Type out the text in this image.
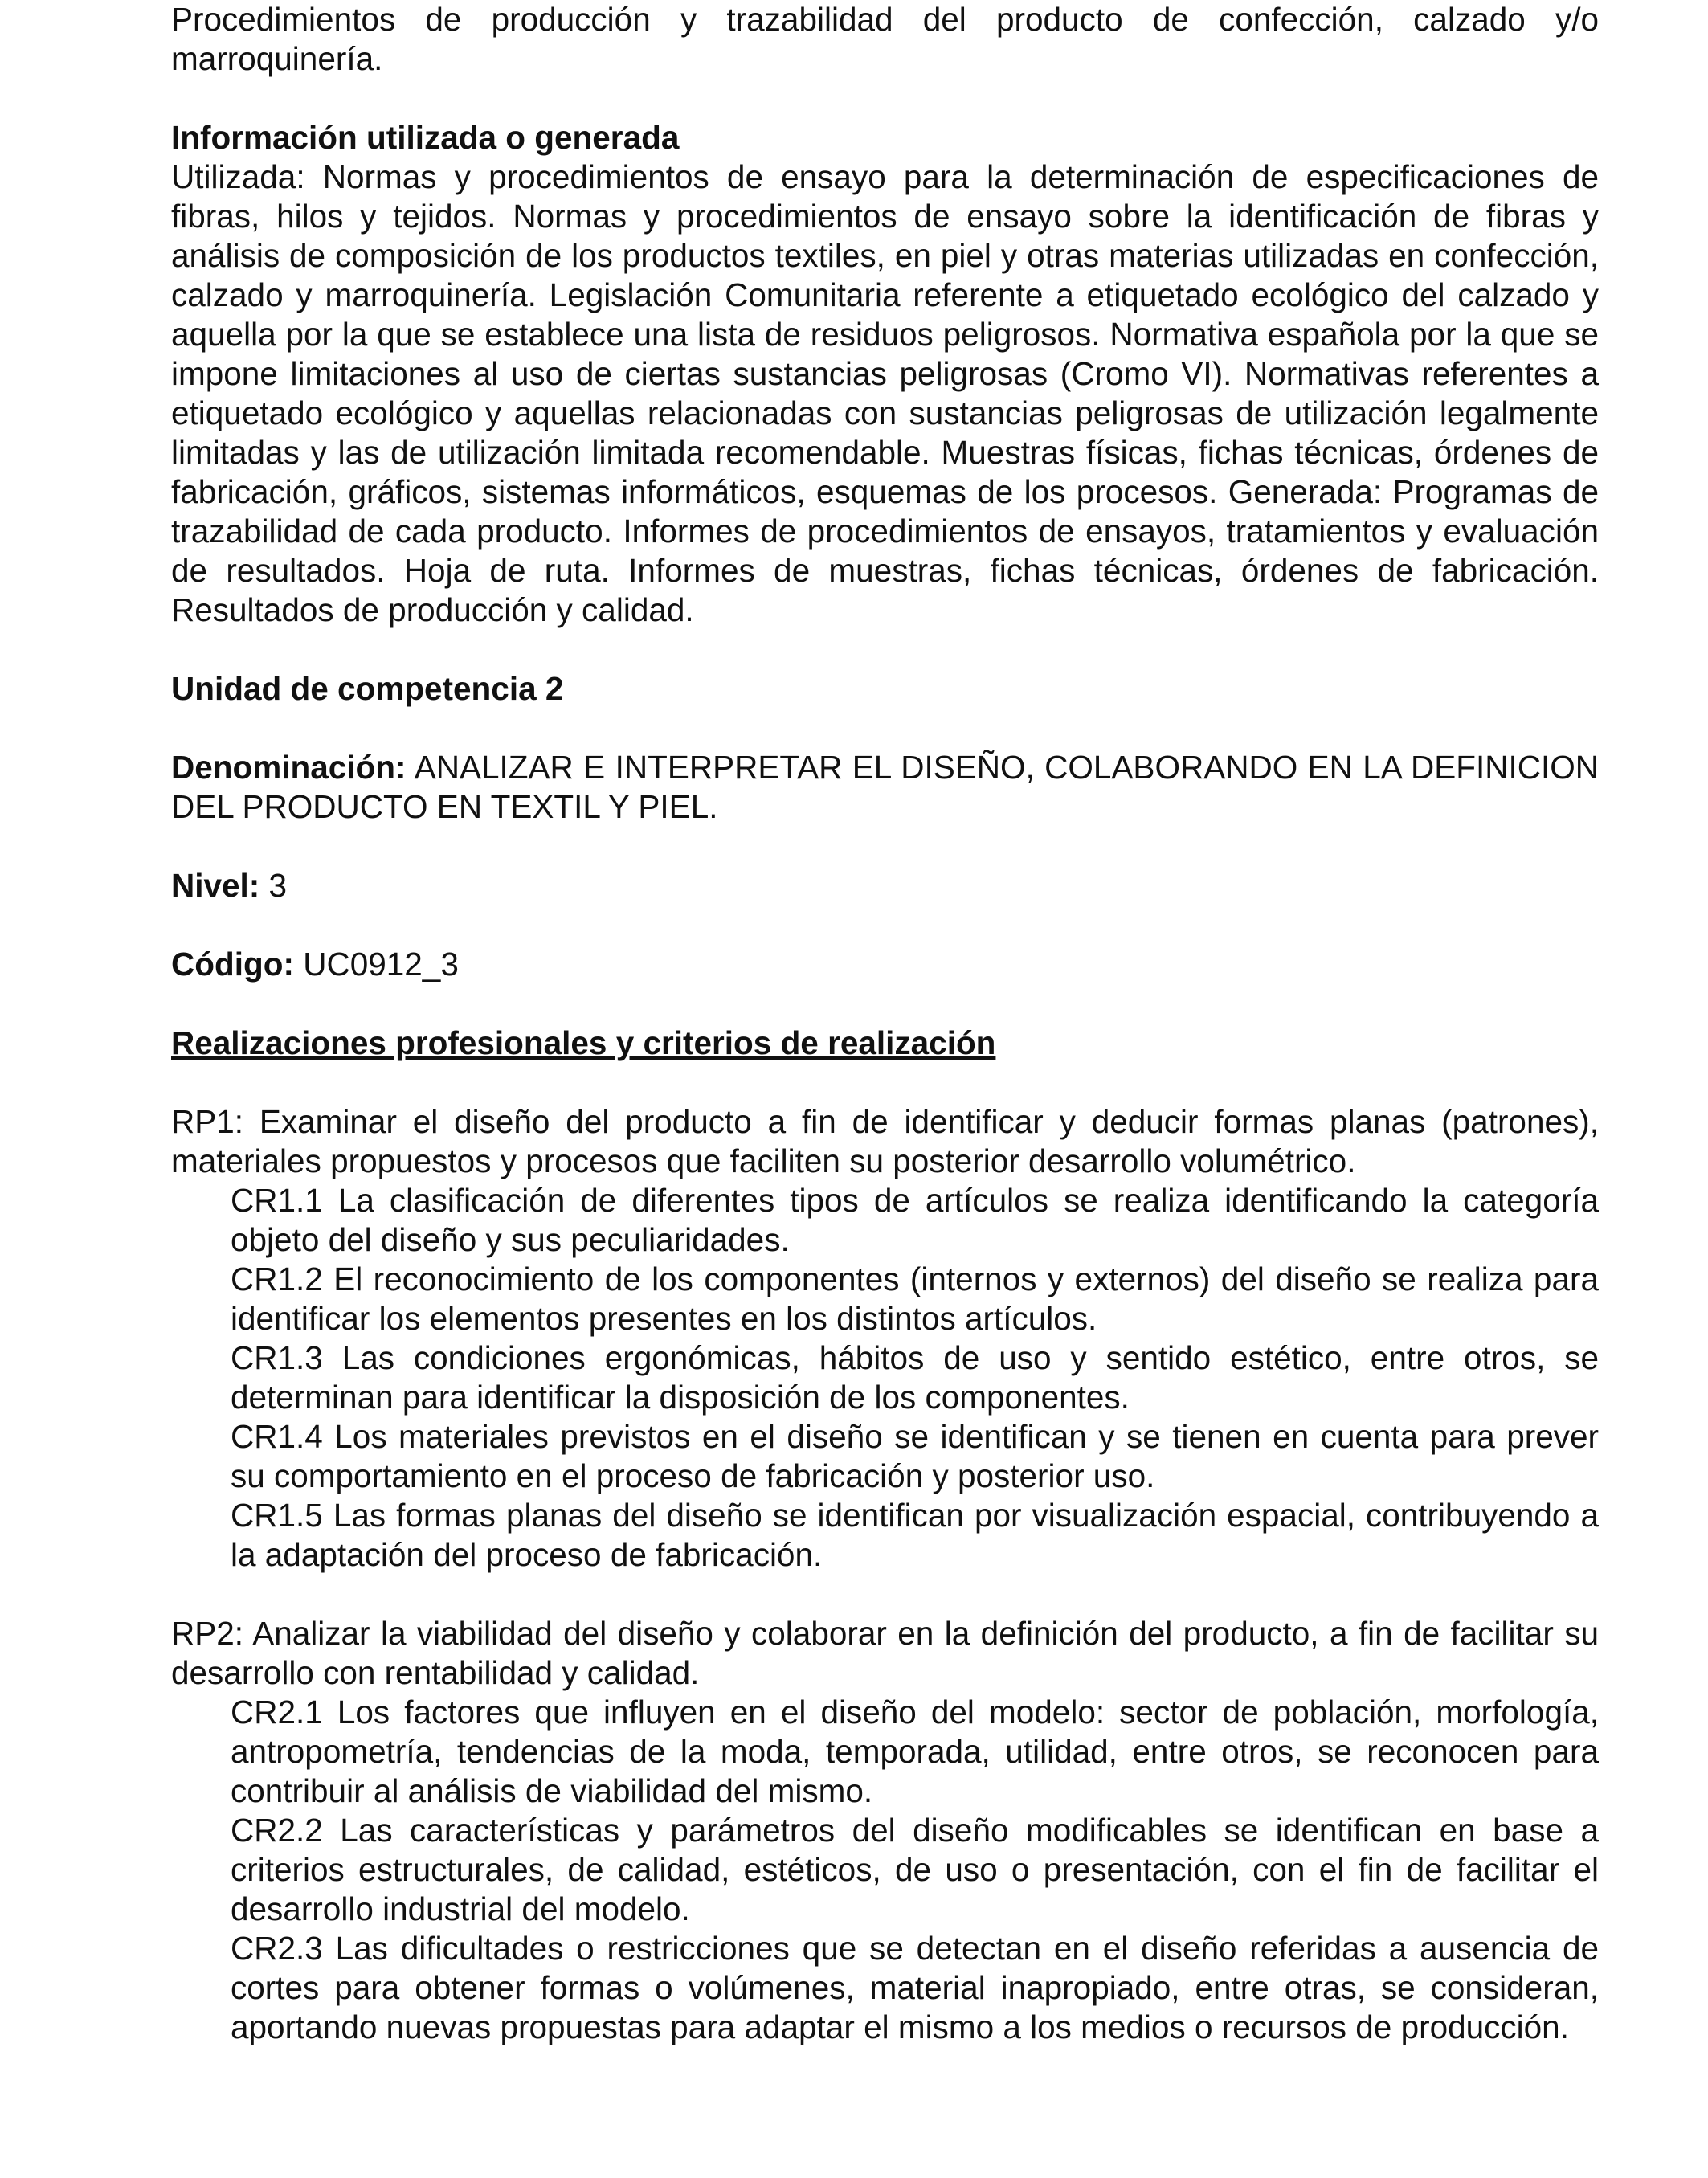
Procedimientos de producción y trazabilidad del producto de confección, calzado y/o marroquinería.

Información utilizada o generada

Utilizada: Normas y procedimientos de ensayo para la determinación de especificaciones de fibras, hilos y tejidos. Normas y procedimientos de ensayo sobre la identificación de fibras y análisis de composición de los productos textiles, en piel y otras materias utilizadas en confección, calzado y marroquinería. Legislación Comunitaria referente a etiquetado ecológico del calzado y aquella por la que se establece una lista de residuos peligrosos. Normativa española por la que se impone limitaciones al uso de ciertas sustancias peligrosas (Cromo VI). Normativas referentes a etiquetado ecológico y aquellas relacionadas con sustancias peligrosas de utilización legalmente limitadas y las de utilización limitada recomendable. Muestras físicas, fichas técnicas, órdenes de fabricación, gráficos, sistemas informáticos, esquemas de los procesos. Generada: Programas de trazabilidad de cada producto. Informes de procedimientos de ensayos, tratamientos y evaluación de resultados. Hoja de ruta. Informes de muestras, fichas técnicas, órdenes de fabricación. Resultados de producción y calidad.

Unidad de competencia 2

Denominación: ANALIZAR E INTERPRETAR EL DISEÑO, COLABORANDO EN LA DEFINICION DEL PRODUCTO EN TEXTIL Y PIEL.

Nivel: 3

Código: UC0912_3

Realizaciones profesionales y criterios de realización

RP1: Examinar el diseño del producto a fin de identificar y deducir formas planas (patrones), materiales propuestos y procesos que faciliten su posterior desarrollo volumétrico.

CR1.1 La clasificación de diferentes tipos de artículos se realiza identificando la categoría objeto del diseño y sus peculiaridades.

CR1.2 El reconocimiento de los componentes (internos y externos) del diseño se realiza para identificar los elementos presentes en los distintos artículos.

CR1.3 Las condiciones ergonómicas, hábitos de uso y sentido estético, entre otros, se determinan para identificar la disposición de los componentes.

CR1.4 Los materiales previstos en el diseño se identifican y se tienen en cuenta para prever su comportamiento en el proceso de fabricación y posterior uso.

CR1.5 Las formas planas del diseño se identifican por visualización espacial, contribuyendo a la adaptación del proceso de fabricación.

RP2: Analizar la viabilidad del diseño y colaborar en la definición del producto, a fin de facilitar su desarrollo con rentabilidad y calidad.

CR2.1 Los factores que influyen en el diseño del modelo: sector de población, morfología, antropometría, tendencias de la moda, temporada, utilidad, entre otros, se reconocen para contribuir al análisis de viabilidad del mismo.

CR2.2 Las características y parámetros del diseño modificables se identifican en base a criterios estructurales, de calidad, estéticos, de uso o presentación, con el fin de facilitar el desarrollo industrial del modelo.

CR2.3 Las dificultades o restricciones que se detectan en el diseño referidas a ausencia de cortes para obtener formas o volúmenes, material inapropiado, entre otras, se consideran, aportando nuevas propuestas para adaptar el mismo a los medios o recursos de producción.
